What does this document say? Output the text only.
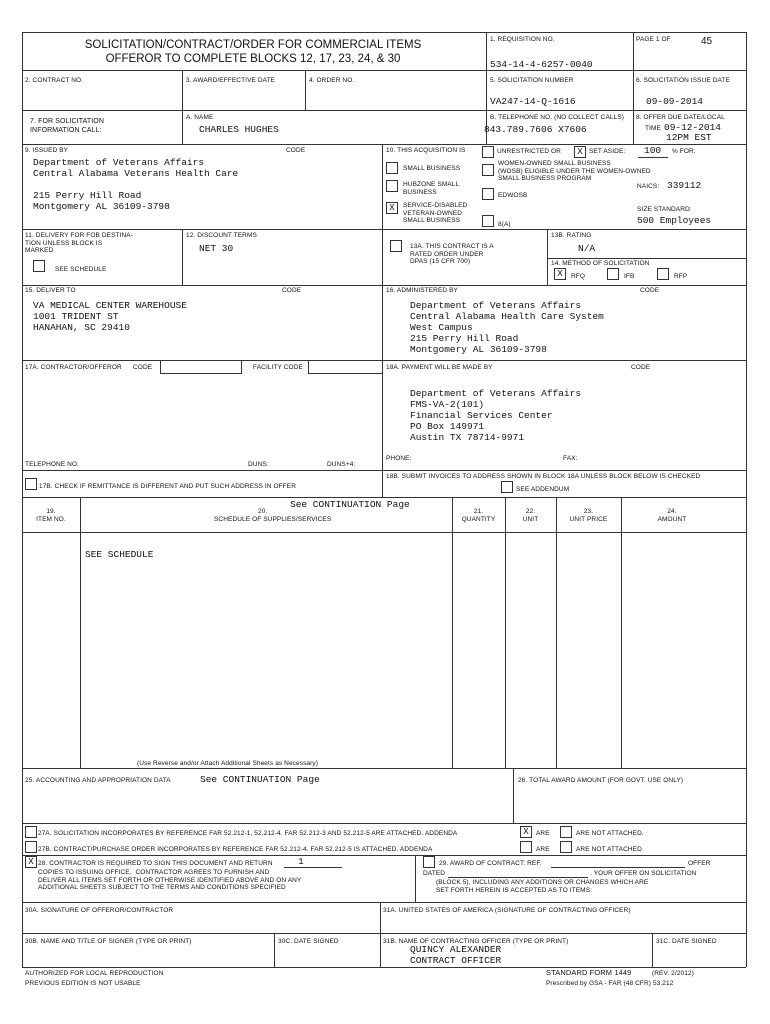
SOLICITATION/CONTRACT/ORDER FOR COMMERCIAL ITEMS
OFFEROR TO COMPLETE BLOCKS 12, 17, 23, 24, & 30
1. REQUISITION NO.
534-14-4-6257-0040
PAGE 1 OF	45
2. CONTRACT NO.	3. AWARD/EFFECTIVE DATE	4. ORDER NO.	5. SOLICITATION NUMBER
VA247-14-Q-1616
6. SOLICITATION ISSUE DATE
09-09-2014
7. FOR SOLICITATION
INFORMATION CALL:
A. NAME
CHARLES HUGHES
B. TELEPHONE NO. (NO COLLECT CALLS)
843.789.7606 X7606
8. OFFER DUE DATE/LOCAL
TIME 09-12-2014
12PM EST
9. ISSUED BY	CODE
Department of Veterans Affairs
Central Alabama Veterans Health Care

215 Perry Hill Road
Montgomery AL 36109-3798
10. THIS ACQUISITION IS	UNRESTRICTED OR	X SET ASIDE: 100 % FOR:
SMALL BUSINESS
HUBZONE SMALL
BUSINESS
X	SERVICE-DISABLED
VETERAN-OWNED
SMALL BUSINESS
WOMEN-OWNED SMALL BUSINESS
(WOSB) ELIGIBLE UNDER THE WOMEN-OWNED
SMALL BUSINESS PROGRAM
EDWOSB
8(A)
NAICS: 339112
SIZE STANDARD:
500 Employees
11. DELIVERY FOR FOB DESTINA-
TION UNLESS BLOCK IS
MARKED
SEE SCHEDULE
12. DISCOUNT TERMS
NET 30	13A. THIS CONTRACT IS A
RATED ORDER UNDER
DPAS (15 CFR 700)
13B. RATING
N/A
14. METHOD OF SOLICITATION
X	RFQ	IFB	RFP
15. DELIVER TO	CODE
VA MEDICAL CENTER WAREHOUSE
1001 TRIDENT ST
HANAHAN, SC 29410
16. ADMINISTERED BY	CODE
Department of Veterans Affairs
Central Alabama Health Care System
West Campus
215 Perry Hill Road
Montgomery AL 36109-3798
17A. CONTRACTOR/OFFEROR CODE	FACILITY CODE	18A. PAYMENT WILL BE MADE BY	CODE
Department of Veterans Affairs
FMS-VA-2(101)
Financial Services Center
PO Box 149971
Austin TX 78714-9971
TELEPHONE NO.	DUNS:	DUNS+4:
PHONE:	FAX:
17B. CHECK IF REMITTANCE IS DIFFERENT AND PUT SUCH ADDRESS IN OFFER
18B. SUBMIT INVOICES TO ADDRESS SHOWN IN BLOCK 18A UNLESS BLOCK BELOW IS CHECKED
SEE ADDENDUM
19.
ITEM NO.
20.
SCHEDULE OF SUPPLIES/SERVICES
See CONTINUATION Page
21.
QUANTITY
22.
UNIT
23.
UNIT PRICE
24.
AMOUNT
SEE SCHEDULE
(Use Reverse and/or Attach Additional Sheets as Necessary)
25. ACCOUNTING AND APPROPRIATION DATA	See CONTINUATION Page	26. TOTAL AWARD AMOUNT (FOR GOVT. USE ONLY)
27A. SOLICITATION INCORPORATES BY REFERENCE FAR 52.212-1, 52.212-4. FAR 52.212-3 AND 52.212-5 ARE ATTACHED. ADDENDA	X	ARE	ARE NOT ATTACHED.
27B. CONTRACT/PURCHASE ORDER INCORPORATES BY REFERENCE FAR 52.212-4. FAR 52.212-5 IS ATTACHED. ADDENDA	ARE	ARE NOT ATTACHED
X 28. CONTRACTOR IS REQUIRED TO SIGN THIS DOCUMENT AND RETURN	1
COPIES TO ISSUING OFFICE.  CONTRACTOR AGREES TO FURNISH AND
DELIVER ALL ITEMS SET FORTH OR OTHERWISE IDENTIFIED ABOVE AND ON ANY
ADDITIONAL SHEETS SUBJECT TO THE TERMS AND CONDITIONS SPECIFIED
29. AWARD OF CONTRACT: REF.	OFFER
DATED	. YOUR OFFER ON SOLICITATION
(BLOCK 5), INCLUDING ANY ADDITIONS OR CHANGES WHICH ARE
SET FORTH HEREIN IS ACCEPTED AS TO ITEMS:
30A. SIGNATURE OF OFFEROR/CONTRACTOR	31A. UNITED STATES OF AMERICA (SIGNATURE OF CONTRACTING OFFICER)
30B. NAME AND TITLE OF SIGNER (TYPE OR PRINT)	30C. DATE SIGNED	31B. NAME OF CONTRACTING OFFICER (TYPE OR PRINT)
QUINCY ALEXANDER
CONTRACT OFFICER
31C. DATE SIGNED
AUTHORIZED FOR LOCAL REPRODUCTION
PREVIOUS EDITION IS NOT USABLE
STANDARD FORM 1449	(REV. 2/2012)
Prescribed by GSA - FAR (48 CFR) 53.212
